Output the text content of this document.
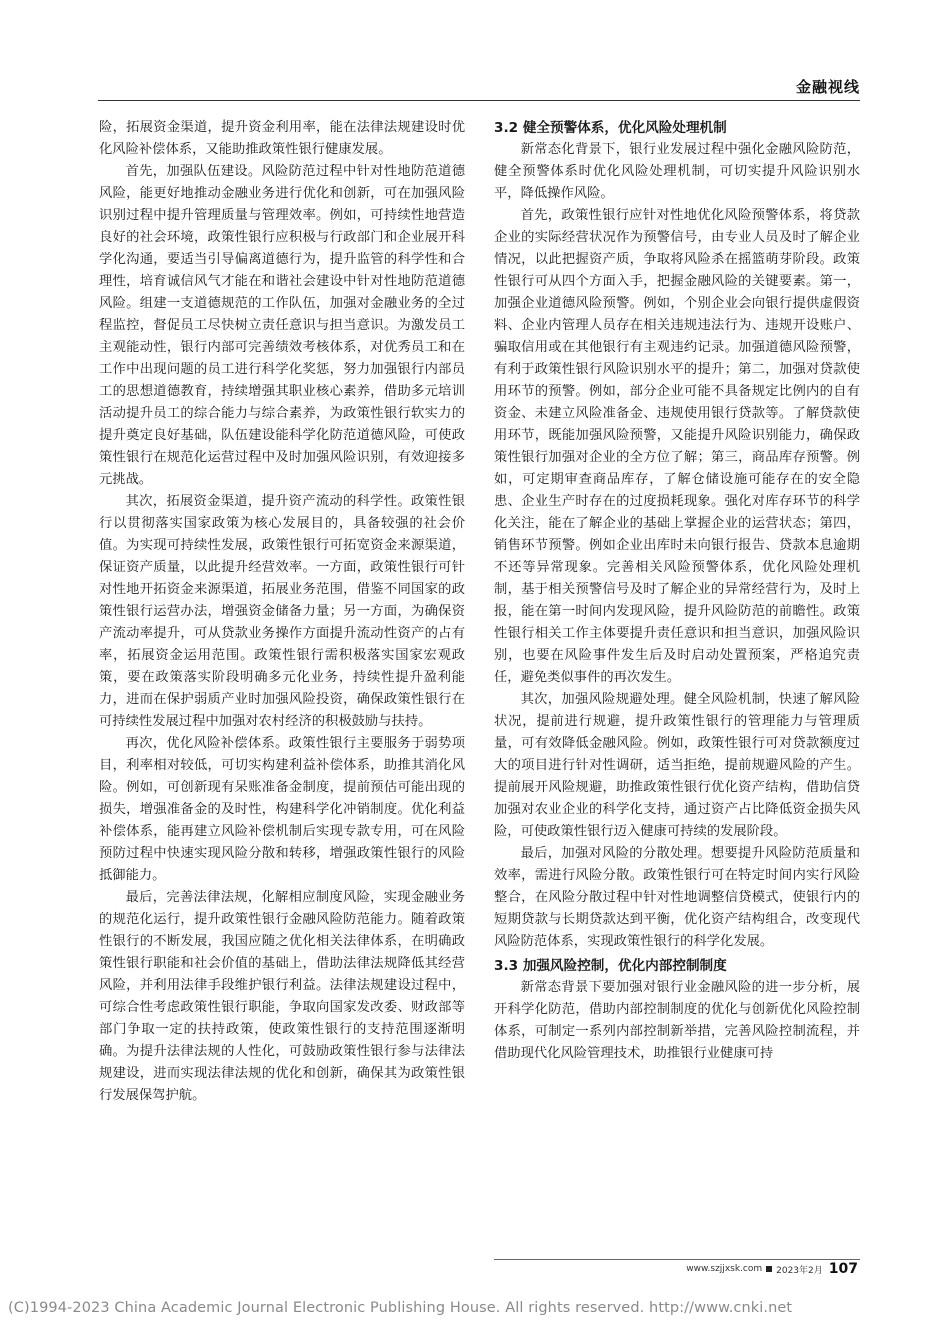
金融视线

险，拓展资金渠道，提升资金利用率，能在法律法规建设时优化风险补偿体系，又能助推政策性银行健康发展。

首先，加强队伍建设。风险防范过程中针对性地防范道德风险，能更好地推动金融业务进行优化和创新，可在加强风险识别过程中提升管理质量与管理效率。例如，可持续性地营造良好的社会环境，政策性银行应积极与行政部门和企业展开科学化沟通，要适当引导偏离道德行为，提升监管的科学性和合理性，培育诚信风气才能在和谐社会建设中针对性地防范道德风险。组建一支道德规范的工作队伍，加强对金融业务的全过程监控，督促员工尽快树立责任意识与担当意识。为激发员工主观能动性，银行内部可完善绩效考核体系，对优秀员工和在工作中出现问题的员工进行科学化奖惩，努力加强银行内部员工的思想道德教育，持续增强其职业核心素养，借助多元培训活动提升员工的综合能力与综合素养，为政策性银行软实力的提升奠定良好基础，队伍建设能科学化防范道德风险，可使政策性银行在规范化运营过程中及时加强风险识别，有效迎接多元挑战。

其次，拓展资金渠道，提升资产流动的科学性。政策性银行以贯彻落实国家政策为核心发展目的，具备较强的社会价值。为实现可持续性发展，政策性银行可拓宽资金来源渠道，保证资产质量，以此提升经营效率。一方面，政策性银行可针对性地开拓资金来源渠道，拓展业务范围，借鉴不同国家的政策性银行运营办法，增强资金储备力量；另一方面，为确保资产流动率提升，可从贷款业务操作方面提升流动性资产的占有率，拓展资金运用范围。政策性银行需积极落实国家宏观政策，要在政策落实阶段明确多元化业务，持续性提升盈利能力，进而在保护弱质产业时加强风险投资，确保政策性银行在可持续性发展过程中加强对农村经济的积极鼓励与扶持。

再次，优化风险补偿体系。政策性银行主要服务于弱势项目，利率相对较低，可切实构建利益补偿体系，助推其消化风险。例如，可创新现有呆账准备金制度，提前预估可能出现的损失，增强准备金的及时性，构建科学化冲销制度。优化利益补偿体系，能再建立风险补偿机制后实现专款专用，可在风险预防过程中快速实现风险分散和转移，增强政策性银行的风险抵御能力。

最后，完善法律法规，化解相应制度风险，实现金融业务的规范化运行，提升政策性银行金融风险防范能力。随着政策性银行的不断发展，我国应随之优化相关法律体系，在明确政策性银行职能和社会价值的基础上，借助法律法规降低其经营风险，并利用法律手段维护银行利益。法律法规建设过程中，可综合性考虑政策性银行职能，争取向国家发改委、财政部等部门争取一定的扶持政策，使政策性银行的支持范围逐渐明确。为提升法律法规的人性化，可鼓励政策性银行参与法律法规建设，进而实现法律法规的优化和创新，确保其为政策性银行发展保驾护航。

3.2 健全预警体系，优化风险处理机制

新常态化背景下，银行业发展过程中强化金融风险防范，健全预警体系时优化风险处理机制，可切实提升风险识别水平，降低操作风险。

首先，政策性银行应针对性地优化风险预警体系，将贷款企业的实际经营状况作为预警信号，由专业人员及时了解企业情况，以此把握资产质，争取将风险杀在摇篮萌芽阶段。政策性银行可从四个方面入手，把握金融风险的关键要素。第一，加强企业道德风险预警。例如，个别企业会向银行提供虚假资料、企业内管理人员存在相关违规违法行为、违规开设账户、骗取信用或在其他银行有主观违约记录。加强道德风险预警，有利于政策性银行风险识别水平的提升；第二，加强对贷款使用环节的预警。例如，部分企业可能不具备规定比例内的自有资金、未建立风险准备金、违规使用银行贷款等。了解贷款使用环节，既能加强风险预警，又能提升风险识别能力，确保政策性银行加强对企业的全方位了解；第三，商品库存预警。例如，可定期审查商品库存，了解仓储设施可能存在的安全隐患、企业生产时存在的过度损耗现象。强化对库存环节的科学化关注，能在了解企业的基础上掌握企业的运营状态；第四，销售环节预警。例如企业出库时未向银行报告、贷款本息逾期不还等异常现象。完善相关风险预警体系，优化风险处理机制，基于相关预警信号及时了解企业的异常经营行为，及时上报，能在第一时间内发现风险，提升风险防范的前瞻性。政策性银行相关工作主体要提升责任意识和担当意识，加强风险识别，也要在风险事件发生后及时启动处置预案，严格追究责任，避免类似事件的再次发生。

其次，加强风险规避处理。健全风险机制，快速了解风险状况，提前进行规避，提升政策性银行的管理能力与管理质量，可有效降低金融风险。例如，政策性银行可对贷款额度过大的项目进行针对性调研，适当拒绝，提前规避风险的产生。提前展开风险规避，助推政策性银行优化资产结构，借助信贷加强对农业企业的科学化支持，通过资产占比降低资金损失风险，可使政策性银行迈入健康可持续的发展阶段。

最后，加强对风险的分散处理。想要提升风险防范质量和效率，需进行风险分散。政策性银行可在特定时间内实行风险整合，在风险分散过程中针对性地调整信贷模式，使银行内的短期贷款与长期贷款达到平衡，优化资产结构组合，改变现代风险防范体系，实现政策性银行的科学化发展。

3.3 加强风险控制，优化内部控制制度

新常态背景下要加强对银行业金融风险的进一步分析，展开科学化防范，借助内部控制制度的优化与创新优化风险控制体系，可制定一系列内部控制新举措，完善风险控制流程，并借助现代化风险管理技术，助推银行业健康可持

www.szjjxsk.com 2023年2月 107
(C)1994-2023 China Academic Journal Electronic Publishing House. All rights reserved. http://www.cnki.net
